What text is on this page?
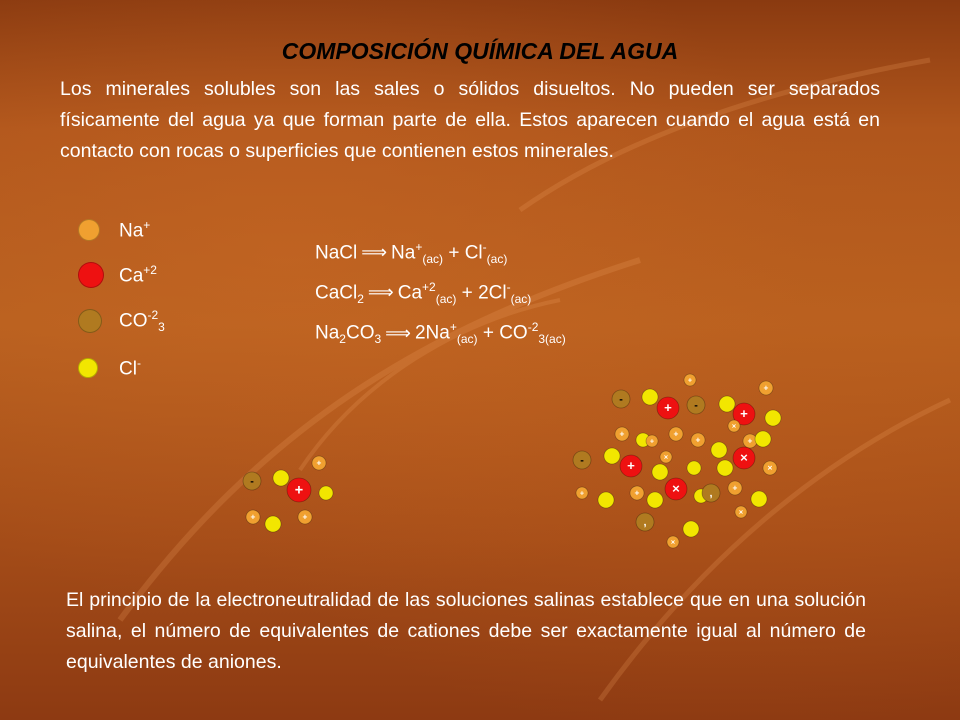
COMPOSICIÓN QUÍMICA DEL AGUA
Los minerales solubles son las sales o sólidos disueltos. No pueden ser separados físicamente del agua ya que forman parte de ella. Estos aparecen cuando el agua está en contacto con rocas o superficies que contienen estos minerales.
Na+
$Ca^{+2}$
$CO^{-2}_3$
Cl-
NaCl ⟹ $Na^+_{(ac)} + Cl^-_{(ac)}$
CaCl$_2$ ⟹ $Ca^{+2}_{(ac)} + 2Cl^-_{(ac)}$
$Na_2CO_3$ ⟹ $2Na^+_{(ac)} + CO^{-2}_{3(ac)}$
-
+
+
+	+
+
+
-
+ -
+
+
+
+
+
×
+
-	+
×	×
×
+	+ ×	, +
×
,
×
El principio de la electroneutralidad de las soluciones salinas establece que en una solución salina, el número de equivalentes de cationes debe ser exactamente igual al número de equivalentes de aniones.
